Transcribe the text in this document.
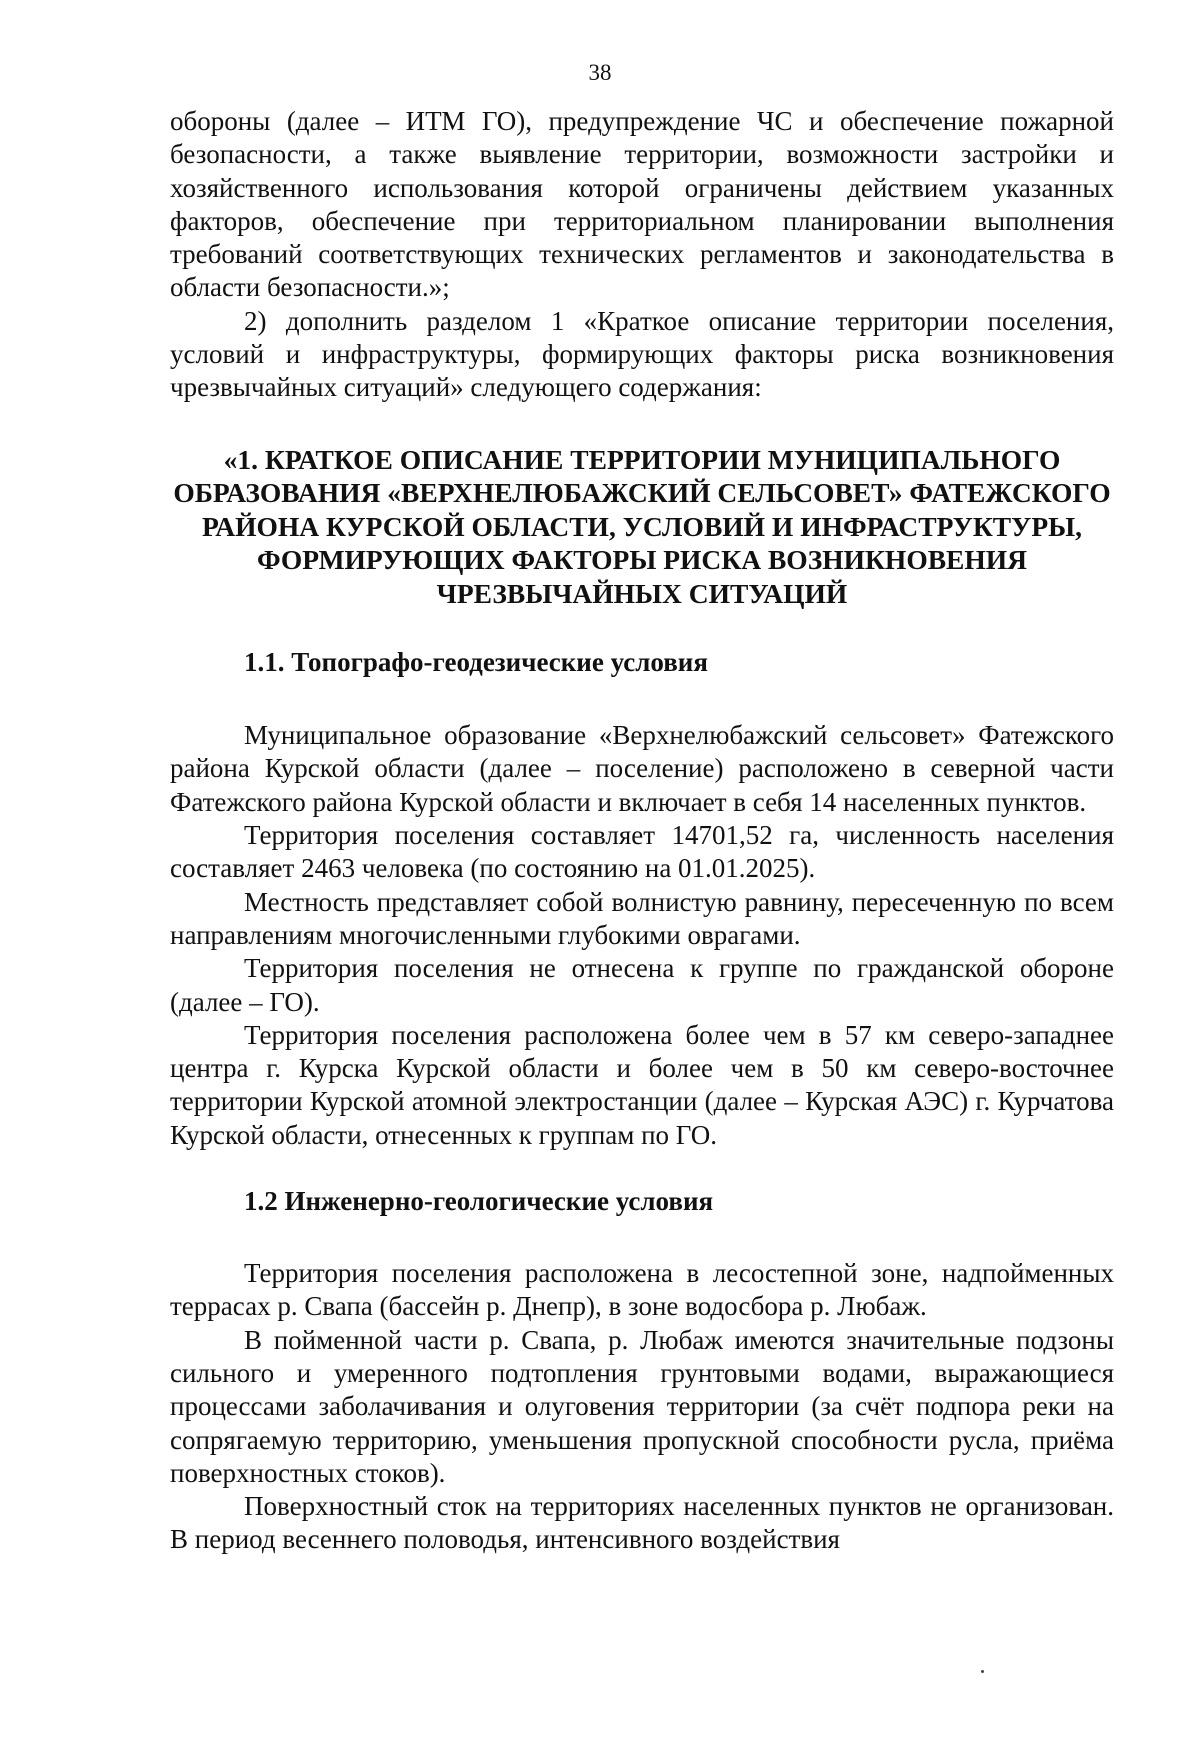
38

обороны (далее – ИТМ ГО), предупреждение ЧС и обеспечение пожарной безопасности, а также выявление территории, возможности застройки и хозяйственного использования которой ограничены действием указанных факторов, обеспечение при территориальном планировании выполнения требований соответствующих технических регламентов и законодательства в области безопасности.»;

2) дополнить разделом 1 «Краткое описание территории поселения, условий и инфраструктуры, формирующих факторы риска возникновения чрезвычайных ситуаций» следующего содержания:

«1. КРАТКОЕ ОПИСАНИЕ ТЕРРИТОРИИ МУНИЦИПАЛЬНОГО ОБРАЗОВАНИЯ «ВЕРХНЕЛЮБАЖСКИЙ СЕЛЬСОВЕТ» ФАТЕЖСКОГО РАЙОНА КУРСКОЙ ОБЛАСТИ, УСЛОВИЙ И ИНФРАСТРУКТУРЫ, ФОРМИРУЮЩИХ ФАКТОРЫ РИСКА ВОЗНИКНОВЕНИЯ ЧРЕЗВЫЧАЙНЫХ СИТУАЦИЙ
1.1. Топографо-геодезические условия

Муниципальное образование «Верхнелюбажский сельсовет» Фатежского района Курской области (далее – поселение) расположено в северной части Фатежского района Курской области и включает в себя 14 населенных пунктов.

Территория поселения составляет 14701,52 га, численность населения составляет 2463 человека (по состоянию на 01.01.2025).

Местность представляет собой волнистую равнину, пересеченную по всем направлениям многочисленными глубокими оврагами.

Территория поселения не отнесена к группе по гражданской обороне (далее – ГО).

Территория поселения расположена более чем в 57 км северо-западнее центра г. Курска Курской области и более чем в 50 км северо-восточнее территории Курской атомной электростанции (далее – Курская АЭС) г. Курчатова Курской области, отнесенных к группам по ГО.

1.2 Инженерно-геологические условия

Территория поселения расположена в лесостепной зоне, надпойменных террасах р. Свапа (бассейн р. Днепр), в зоне водосбора р. Любаж.

В пойменной части р. Свапа, р. Любаж имеются значительные подзоны сильного и умеренного подтопления грунтовыми водами, выражающиеся процессами заболачивания и олуговения территории (за счёт подпора реки на сопрягаемую территорию, уменьшения пропускной способности русла, приёма поверхностных стоков).

Поверхностный сток на территориях населенных пунктов не организован. В период весеннего половодья, интенсивного воздействия
